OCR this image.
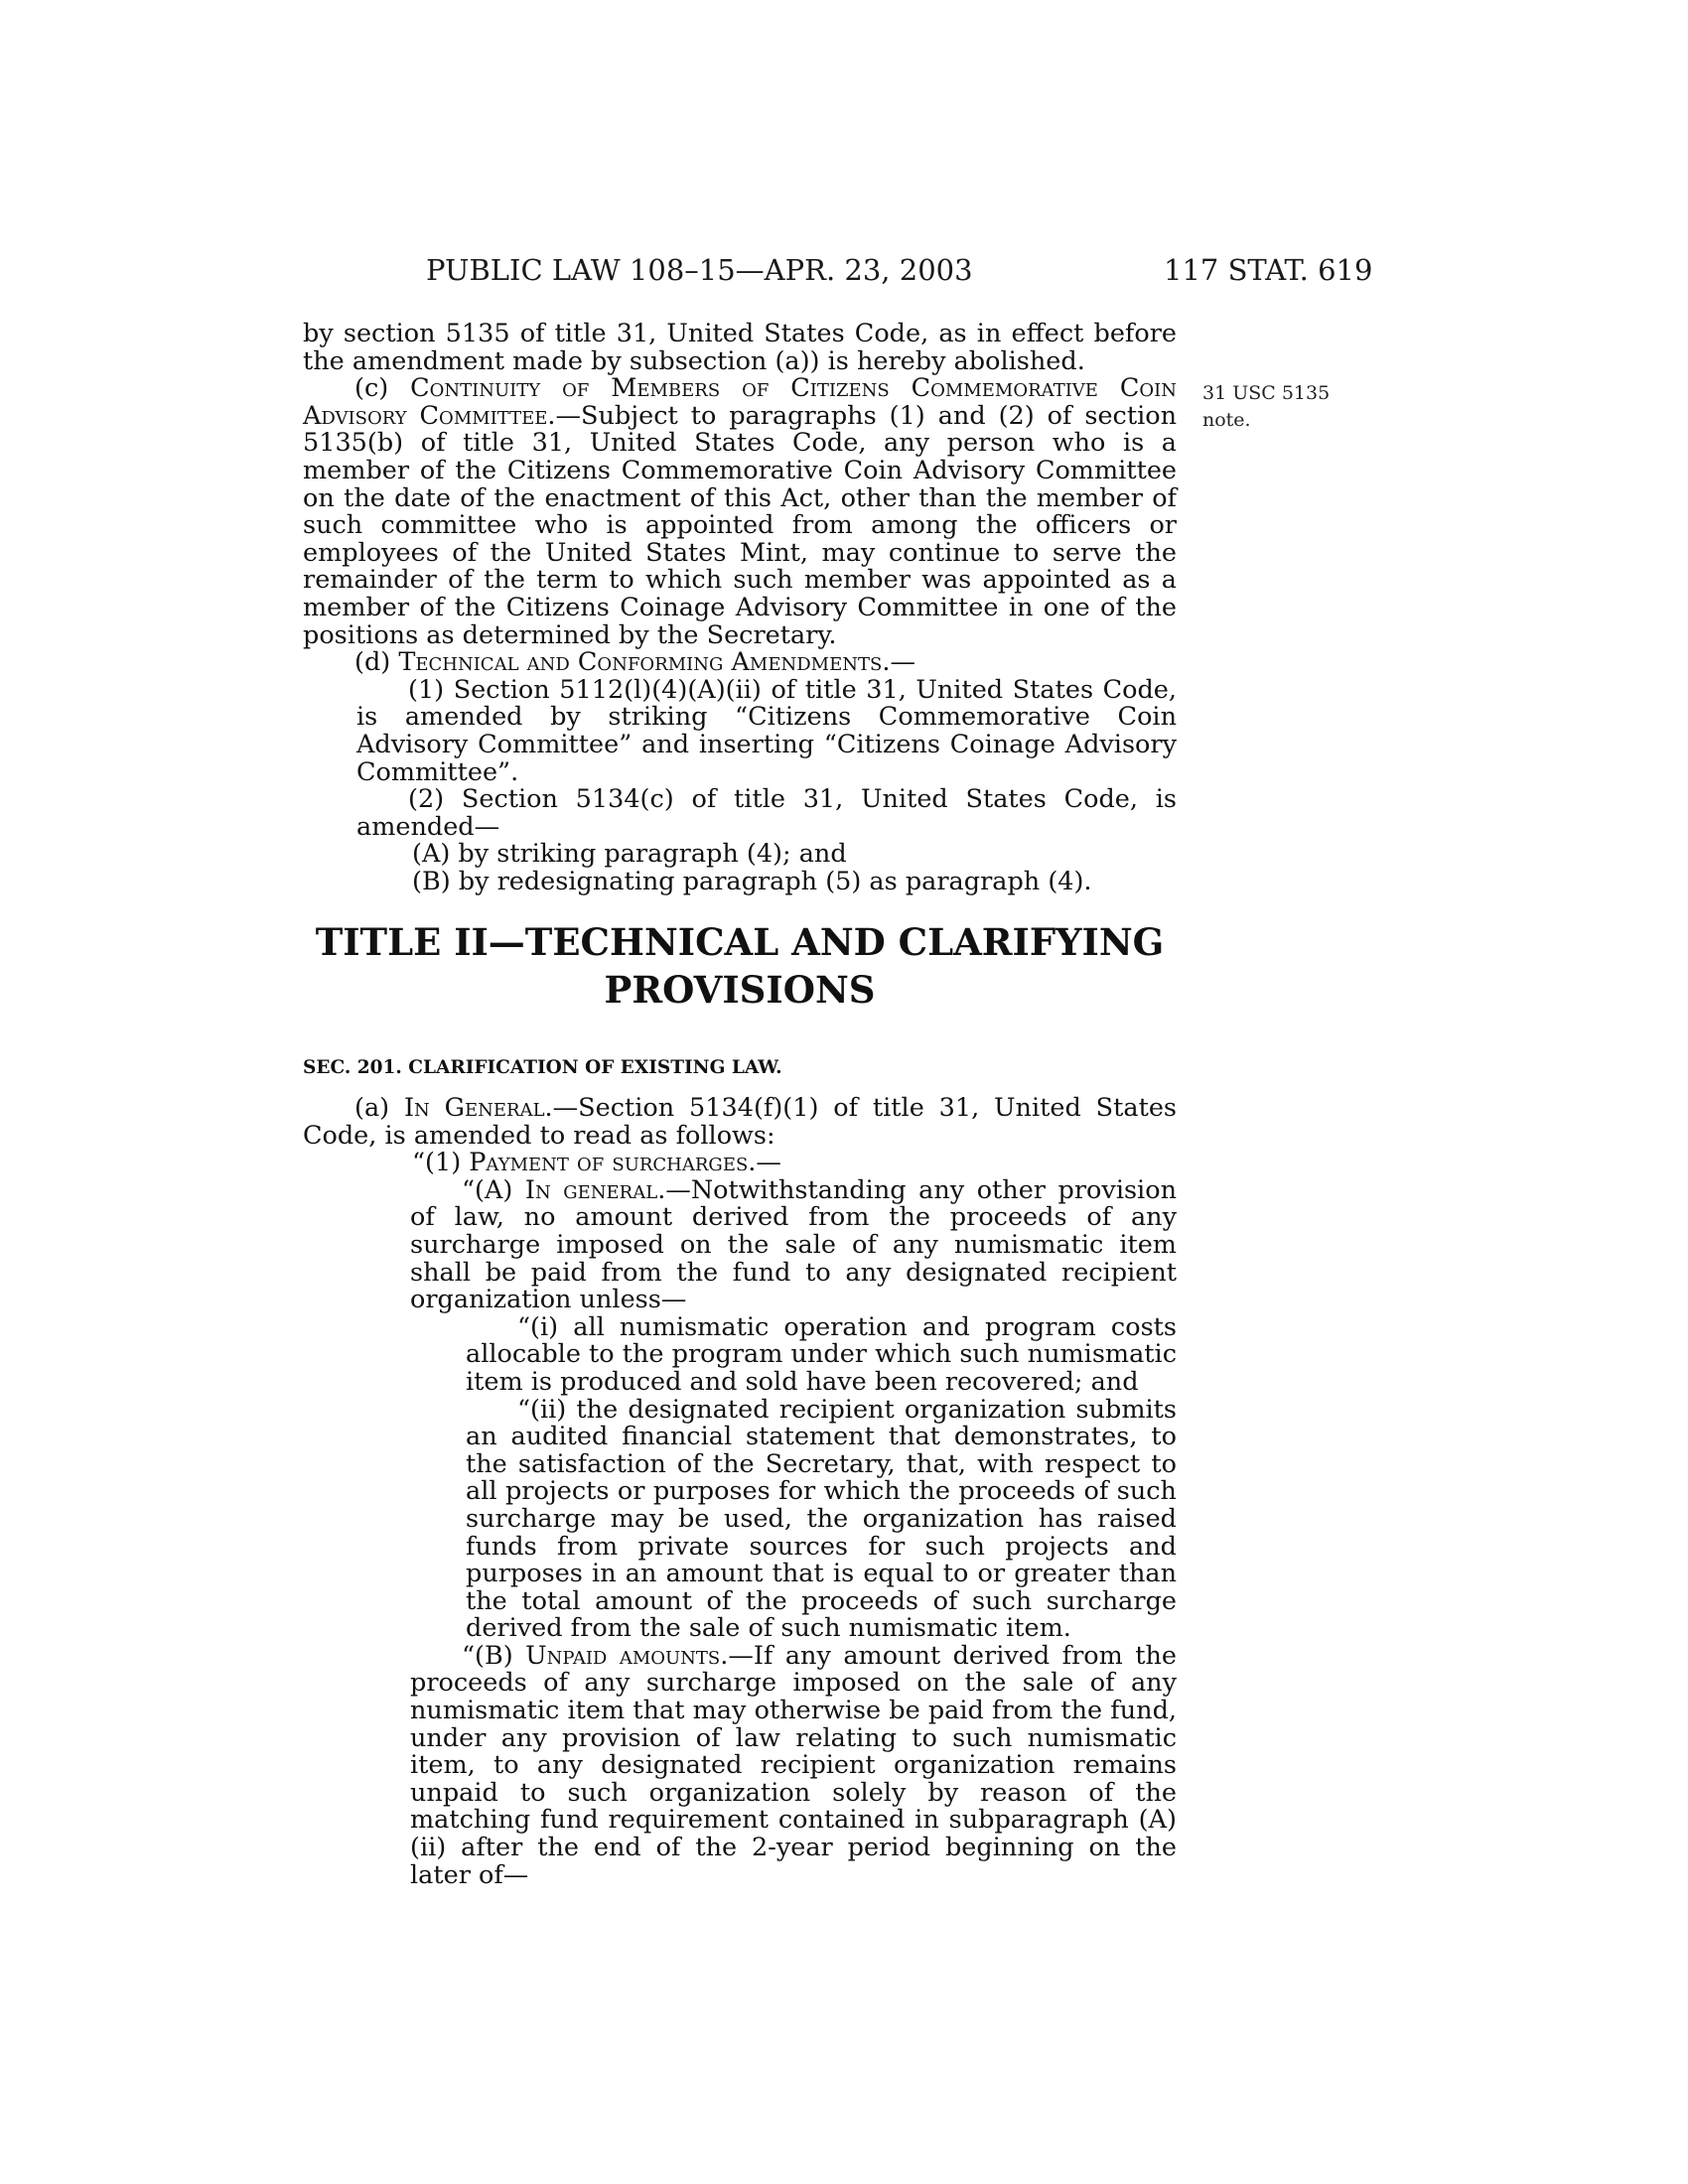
PUBLIC LAW 108–15—APR. 23, 2003	117 STAT. 619
31 USC 5135
note.

by section 5135 of title 31, United States Code, as in effect before the amendment made by subsection (a)) is hereby abolished.

(c) Continuity of Members of Citizens Commemorative Coin Advisory Committee.—Subject to paragraphs (1) and (2) of section 5135(b) of title 31, United States Code, any person who is a member of the Citizens Commemorative Coin Advisory Committee on the date of the enactment of this Act, other than the member of such committee who is appointed from among the officers or employees of the United States Mint, may continue to serve the remainder of the term to which such member was appointed as a member of the Citizens Coinage Advisory Committee in one of the positions as determined by the Secretary.

(d) Technical and Conforming Amendments.—

(1) Section 5112(l)(4)(A)(ii) of title 31, United States Code, is amended by striking “Citizens Commemorative Coin Advisory Committee” and inserting “Citizens Coinage Advisory Committee”.

(2) Section 5134(c) of title 31, United States Code, is amended—

(A) by striking paragraph (4); and

(B) by redesignating paragraph (5) as paragraph (4).

TITLE II—TECHNICAL AND CLARIFYING
PROVISIONS
SEC. 201. CLARIFICATION OF EXISTING LAW.

(a) In General.—Section 5134(f)(1) of title 31, United States Code, is amended to read as follows:

“(1) Payment of surcharges.—

“(A) In general.—Notwithstanding any other provision of law, no amount derived from the proceeds of any surcharge imposed on the sale of any numismatic item shall be paid from the fund to any designated recipient organization unless—

“(i) all numismatic operation and program costs allocable to the program under which such numismatic item is produced and sold have been recovered; and

“(ii) the designated recipient organization submits an audited financial statement that demonstrates, to the satisfaction of the Secretary, that, with respect to all projects or purposes for which the proceeds of such surcharge may be used, the organization has raised funds from private sources for such projects and purposes in an amount that is equal to or greater than the total amount of the proceeds of such surcharge derived from the sale of such numismatic item.

“(B) Unpaid amounts.—If any amount derived from the proceeds of any surcharge imposed on the sale of any numismatic item that may otherwise be paid from the fund, under any provision of law relating to such numismatic item, to any designated recipient organization remains unpaid to such organization solely by reason of the matching fund requirement contained in subparagraph (A)(ii) after the end of the 2-year period beginning on the later of—
